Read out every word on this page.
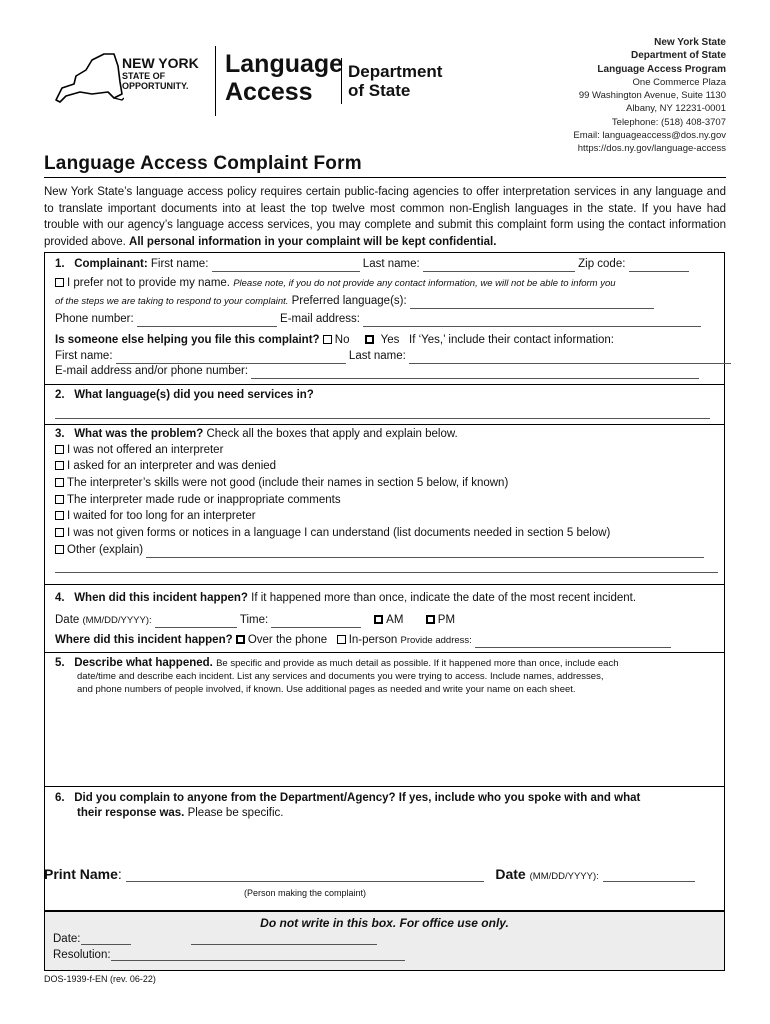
NEW YORK
STATE OF
OPPORTUNITY.
Language
Access
Department
of State
New York State
Department of State
Language Access Program
One Commerce Plaza
99 Washington Avenue, Suite 1130
Albany, NY 12231-0001
Telephone: (518) 408-3707
Email: languageaccess@dos.ny.gov
https://dos.ny.gov/language-access
Language Access Complaint Form
New York State’s language access policy requires certain public-facing agencies to offer interpretation services in any language and to translate important documents into at least the top twelve most common non-English languages in the state. If you have had trouble with our agency’s language access services, you may complete and submit this complaint form using the contact information provided above. All personal information in your complaint will be kept confidential.
1. Complainant: First name:	Last name:	Zip code:
I prefer not to provide my name. Please note, if you do not provide any contact information, we will not be able to inform you
of the steps we are taking to respond to your complaint. Preferred language(s):
Phone number:	E-mail address:
Is someone else helping you file this complaint? No	Yes If ‘Yes,’ include their contact information:
First name:	Last name:
E-mail address and/or phone number:
2. What language(s) did you need services in?
3. What was the problem? Check all the boxes that apply and explain below.
I was not offered an interpreter
I asked for an interpreter and was denied
The interpreter’s skills were not good (include their names in section 5 below, if known)
The interpreter made rude or inappropriate comments
I waited for too long for an interpreter
I was not given forms or notices in a language I can understand (list documents needed in section 5 below)
Other (explain)
4. When did this incident happen? If it happened more than once, indicate the date of the most recent incident.
Date (MM/DD/YYYY):	Time:	AM	PM
Where did this incident happen? Over the phone In-person Provide address:
5. Describe what happened. Be specific and provide as much detail as possible. If it happened more than once, include each
date/time and describe each incident. List any services and documents you were trying to access. Include names, addresses,
and phone numbers of people involved, if known. Use additional pages as needed and write your name on each sheet.
6. Did you complain to anyone from the Department/Agency? If yes, include who you spoke with and what
their response was. Please be specific.
Print Name:	Date (MM/DD/YYYY):
(Person making the complaint)
Do not write in this box. For office use only.
Date:
Resolution:
DOS-1939-f-EN (rev. 06-22)
